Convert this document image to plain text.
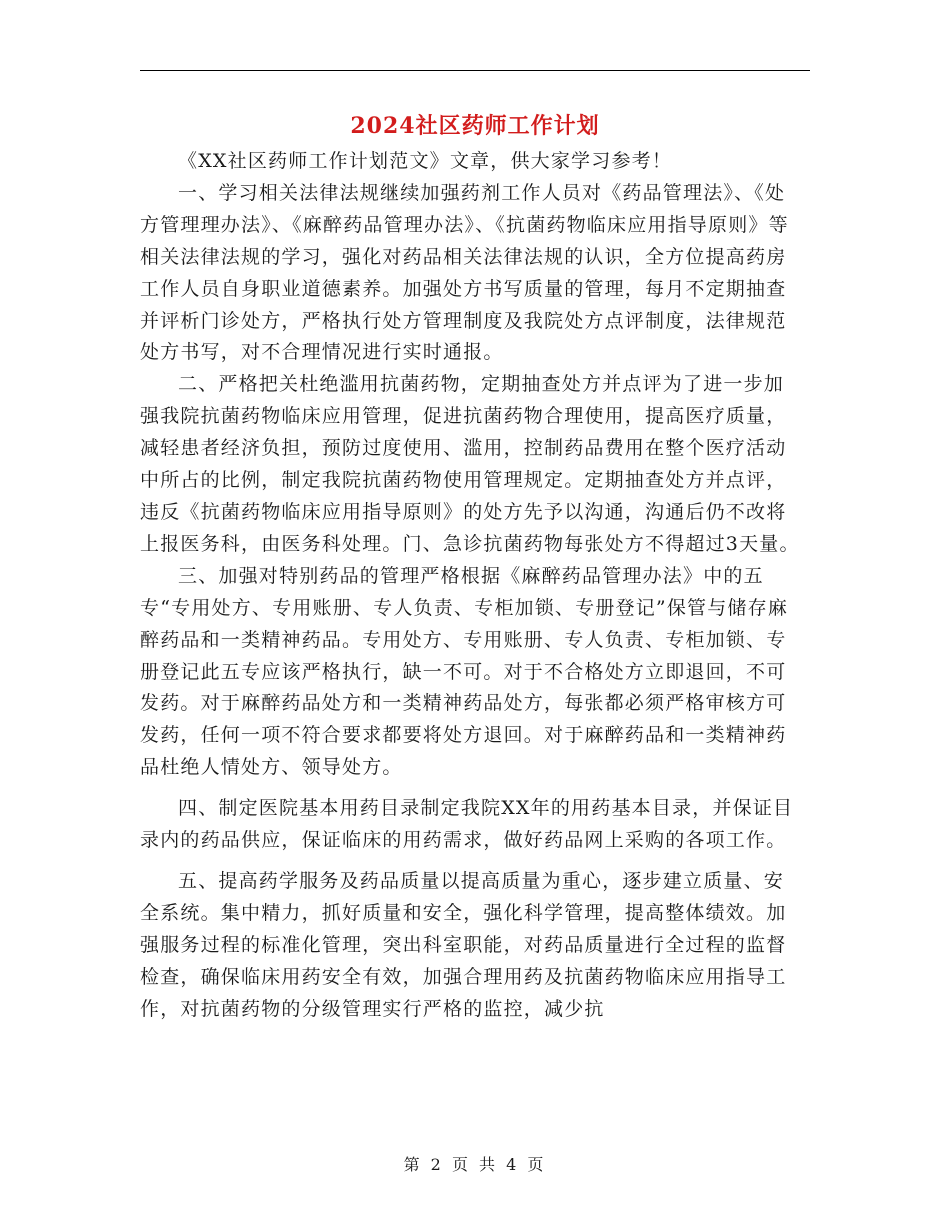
2024社区药师工作计划

《XX社区药师工作计划范文》文章，供大家学习参考！

一、学习相关法律法规继续加强药剂工作人员对《药品管理法》、《处方管理理办法》、《麻醉药品管理办法》、《抗菌药物临床应用指导原则》等相关法律法规的学习，强化对药品相关法律法规的认识，全方位提高药房工作人员自身职业道德素养。加强处方书写质量的管理，每月不定期抽查并评析门诊处方，严格执行处方管理制度及我院处方点评制度，法律规范处方书写，对不合理情况进行实时通报。

二、严格把关杜绝滥用抗菌药物，定期抽查处方并点评为了进一步加强我院抗菌药物临床应用管理，促进抗菌药物合理使用，提高医疗质量，减轻患者经济负担，预防过度使用、滥用，控制药品费用在整个医疗活动中所占的比例，制定我院抗菌药物使用管理规定。定期抽查处方并点评，违反《抗菌药物临床应用指导原则》的处方先予以沟通，沟通后仍不改将上报医务科，由医务科处理。门、急诊抗菌药物每张处方不得超过3天量。

三、加强对特别药品的管理严格根据《麻醉药品管理办法》中的五专“专用处方、专用账册、专人负责、专柜加锁、专册登记”保管与储存麻醉药品和一类精神药品。专用处方、专用账册、专人负责、专柜加锁、专册登记此五专应该严格执行，缺一不可。对于不合格处方立即退回，不可发药。对于麻醉药品处方和一类精神药品处方，每张都必须严格审核方可发药，任何一项不符合要求都要将处方退回。对于麻醉药品和一类精神药品杜绝人情处方、领导处方。

四、制定医院基本用药目录制定我院XX年的用药基本目录，并保证目录内的药品供应，保证临床的用药需求，做好药品网上采购的各项工作。

五、提高药学服务及药品质量以提高质量为重心，逐步建立质量、安全系统。集中精力，抓好质量和安全，强化科学管理，提高整体绩效。加强服务过程的标准化管理，突出科室职能，对药品质量进行全过程的监督检查，确保临床用药安全有效，加强合理用药及抗菌药物临床应用指导工作，对抗菌药物的分级管理实行严格的监控，减少抗

第 2 页 共 4 页
